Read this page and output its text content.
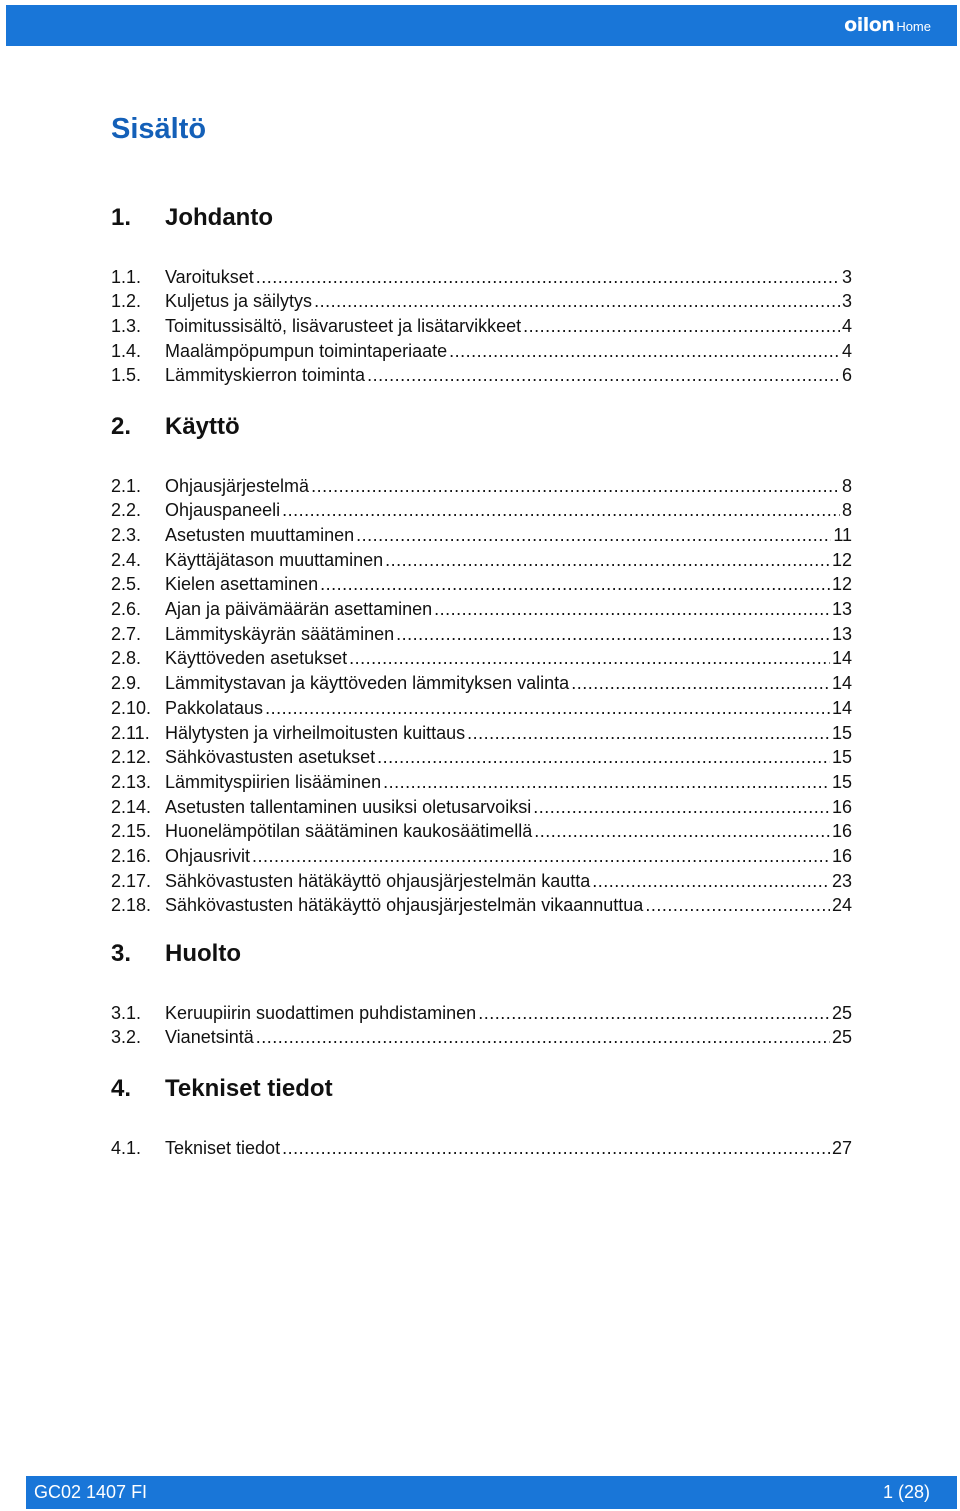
oilon Home
Sisältö
1.	Johdanto
1.1.	Varoitukset .....	3
1.2.	Kuljetus ja säilytys .....	3
1.3.	Toimitussisältö, lisävarusteet ja lisätarvikkeet .....	4
1.4.	Maalämpöpumpun toimintaperiaate .....	4
1.5.	Lämmityskierron toiminta .....	6
2.	Käyttö
2.1.	Ohjausjärjestelmä .....	8
2.2.	Ohjauspaneeli .....	8
2.3.	Asetusten muuttaminen .....	11
2.4.	Käyttäjätason muuttaminen .....	12
2.5.	Kielen asettaminen .....	12
2.6.	Ajan ja päivämäärän asettaminen .....	13
2.7.	Lämmityskäyrän säätäminen .....	13
2.8.	Käyttöveden asetukset .....	14
2.9.	Lämmitystavan ja käyttöveden lämmityksen valinta .....	14
2.10. Pakkolataus .....	14
2.11. Hälytysten ja virheilmoitusten kuittaus .....	15
2.12. Sähkövastusten asetukset .....	15
2.13. Lämmityspiirien lisääminen .....	15
2.14. Asetusten tallentaminen uusiksi oletusarvoiksi .....	16
2.15. Huonelämpötilan säätäminen kaukosäätimellä .....	16
2.16. Ohjausrivit .....	16
2.17. Sähkövastusten hätäkäyttö ohjausjärjestelmän kautta .....	23
2.18. Sähkövastusten hätäkäyttö ohjausjärjestelmän vikaannuttua .....	24
3.	Huolto
3.1.	Keruupiirin suodattimen puhdistaminen .....	25
3.2.	Vianetsintä .....	25
4.	Tekniset tiedot
4.1.	Tekniset tiedot .....	27
GC02 1407 FI	1 (28)
